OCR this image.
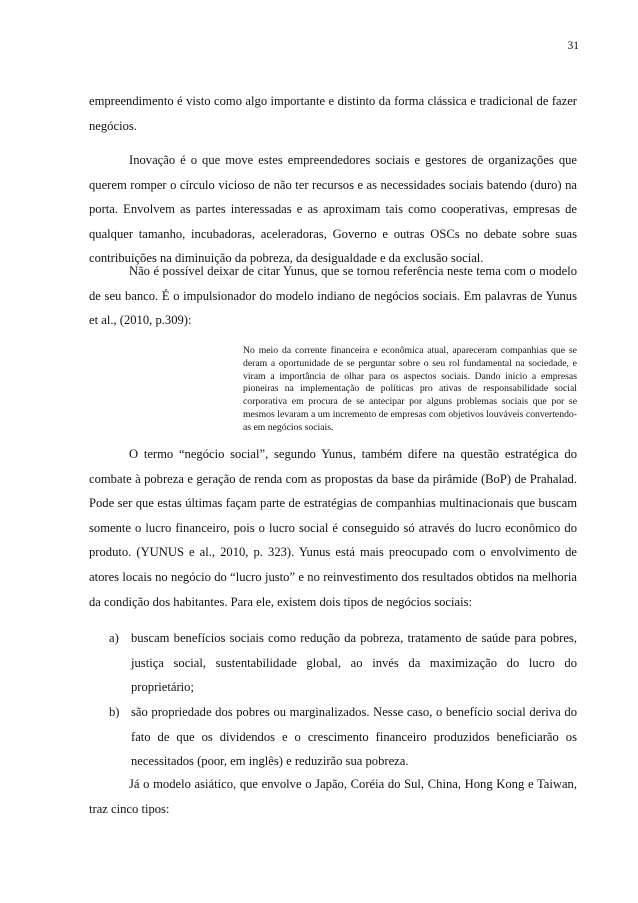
31

empreendimento é visto como algo importante e distinto da forma clássica e tradicional de fazer negócios.

Inovação é o que move estes empreendedores sociais e gestores de organizações que querem romper o círculo vicioso de não ter recursos e as necessidades sociais batendo (duro) na porta. Envolvem as partes interessadas e as aproximam tais como cooperativas, empresas de qualquer tamanho, incubadoras, aceleradoras, Governo e outras OSCs no debate sobre suas contribuições na diminuição da pobreza, da desigualdade e da exclusão social.

Não é possível deixar de citar Yunus, que se tornou referência neste tema com o modelo de seu banco. É o impulsionador do modelo indiano de negócios sociais. Em palavras de Yunus et al., (2010, p.309):

No meio da corrente financeira e econômica atual, apareceram companhias que se deram a oportunidade de se perguntar sobre o seu rol fundamental na sociedade, e viram a importância de olhar para os aspectos sociais. Dando início a empresas pioneiras na implementação de políticas pro ativas de responsabilidade social corporativa em procura de se antecipar por alguns problemas sociais que por se mesmos levaram a um incremento de empresas com objetivos louváveis convertendo-as em negócios sociais.

O termo “negócio social”, segundo Yunus, também difere na questão estratégica do combate à pobreza e geração de renda com as propostas da base da pirâmide (BoP) de Prahalad. Pode ser que estas últimas façam parte de estratégias de companhias multinacionais que buscam somente o lucro financeiro, pois o lucro social é conseguido só através do lucro econômico do produto. (YUNUS e al., 2010, p. 323). Yunus está mais preocupado com o envolvimento de atores locais no negócio do “lucro justo” e no reinvestimento dos resultados obtidos na melhoria da condição dos habitantes. Para ele, existem dois tipos de negócios sociais:

a) buscam benefícios sociais como redução da pobreza, tratamento de saúde para pobres, justiça social, sustentabilidade global, ao invés da maximização do lucro do proprietário;
b) são propriedade dos pobres ou marginalizados. Nesse caso, o benefício social deriva do fato de que os dividendos e o crescimento financeiro produzidos beneficiarão os necessitados (poor, em inglês) e reduzirão sua pobreza.

Já o modelo asiático, que envolve o Japão, Coréia do Sul, China, Hong Kong e Taiwan, traz cinco tipos:
